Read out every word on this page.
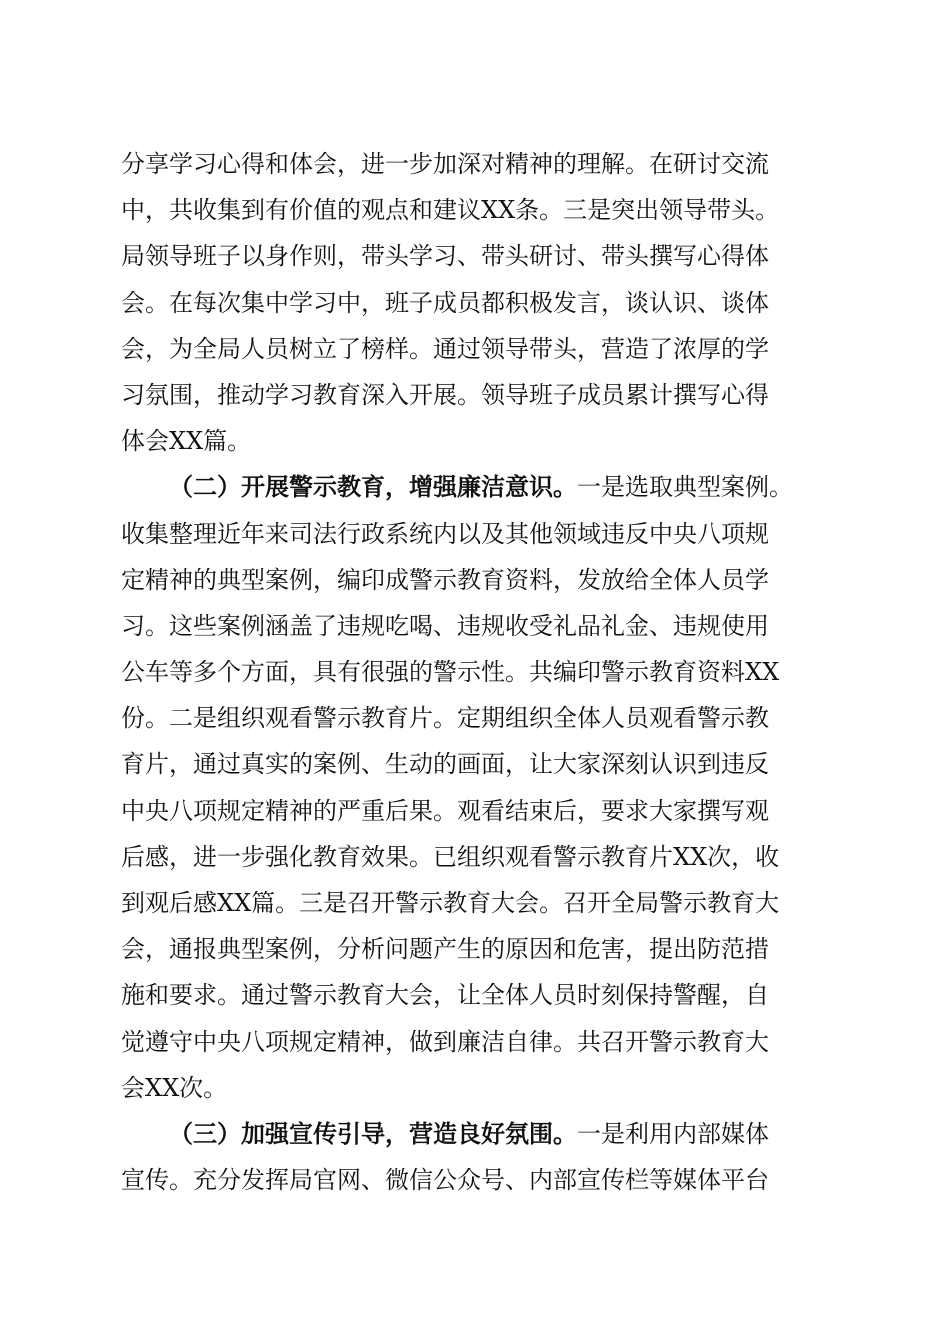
分享学习心得和体会，进一步加深对精神的理解。在研讨交流
中，共收集到有价值的观点和建议XX条。三是突出领导带头。
局领导班子以身作则，带头学习、带头研讨、带头撰写心得体
会。在每次集中学习中，班子成员都积极发言，谈认识、谈体
会，为全局人员树立了榜样。通过领导带头，营造了浓厚的学
习氛围，推动学习教育深入开展。领导班子成员累计撰写心得
体会XX篇。
（二）开展警示教育，增强廉洁意识。一是选取典型案例。
收集整理近年来司法行政系统内以及其他领域违反中央八项规
定精神的典型案例，编印成警示教育资料，发放给全体人员学
习。这些案例涵盖了违规吃喝、违规收受礼品礼金、违规使用
公车等多个方面，具有很强的警示性。共编印警示教育资料XX
份。二是组织观看警示教育片。定期组织全体人员观看警示教
育片，通过真实的案例、生动的画面，让大家深刻认识到违反
中央八项规定精神的严重后果。观看结束后，要求大家撰写观
后感，进一步强化教育效果。已组织观看警示教育片XX次，收
到观后感XX篇。三是召开警示教育大会。召开全局警示教育大
会，通报典型案例，分析问题产生的原因和危害，提出防范措
施和要求。通过警示教育大会，让全体人员时刻保持警醒，自
觉遵守中央八项规定精神，做到廉洁自律。共召开警示教育大
会XX次。
（三）加强宣传引导，营造良好氛围。一是利用内部媒体
宣传。充分发挥局官网、微信公众号、内部宣传栏等媒体平台
